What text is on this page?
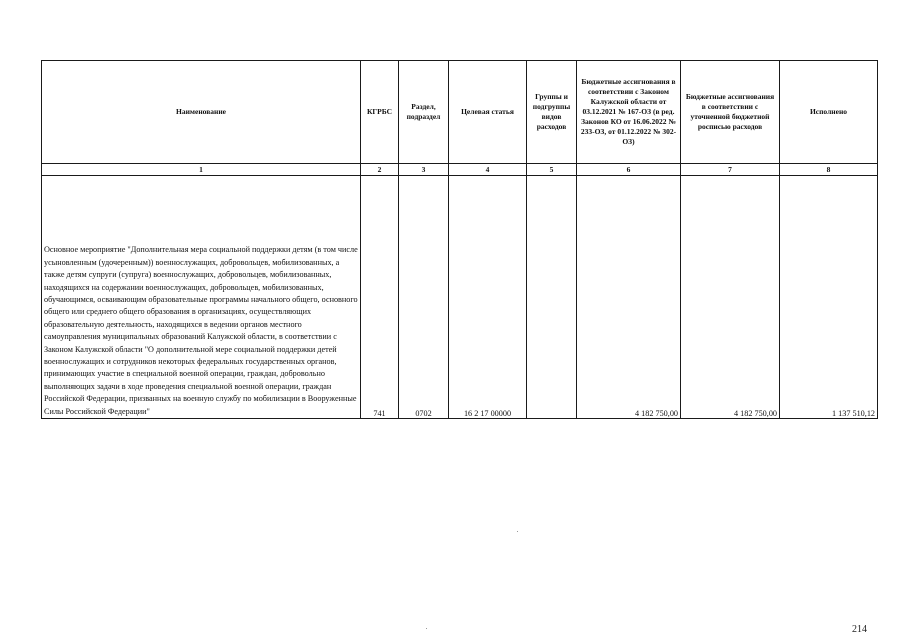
Наименование	КГРБС	Раздел, подраздел	Целевая статья	Группы и подгруппы видов расходов	Бюджетные ассигнования в соответствии с Законом Калужской области от 03.12.2021 № 167-ОЗ (в ред. Законов КО от 16.06.2022 № 233-ОЗ, от 01.12.2022 № 302-ОЗ)	Бюджетные ассигнования в соответствии с уточненной бюджетной росписью расходов	Исполнено
1	2	3	4	5	6	7	8
Основное мероприятие "Дополнительная мера социальной поддержки детям (в том числе усыновленным (удочеренным)) военнослужащих, добровольцев, мобилизованных, а также детям супруги (супруга) военнослужащих, добровольцев, мобилизованных, находящихся на содержании военнослужащих, добровольцев, мобилизованных, обучающимся, осваивающим образовательные программы начального общего, основного общего или среднего общего образования в организациях, осуществляющих образовательную деятельность, находящихся в ведении органов местного самоуправления муниципальных образований Калужской области, в соответствии с Законом Калужской области "О дополнительной мере социальной поддержки детей военнослужащих и сотрудников некоторых федеральных государственных органов, принимающих участие в специальной военной операции, граждан, добровольно выполняющих задачи в ходе проведения специальной военной операции, граждан Российской Федерации, призванных на военную службу по мобилизации в Вооруженные Силы Российской Федерации"	741	0702	16 2 17 00000		4 182 750,00	4 182 750,00	1 137 510,12
214
